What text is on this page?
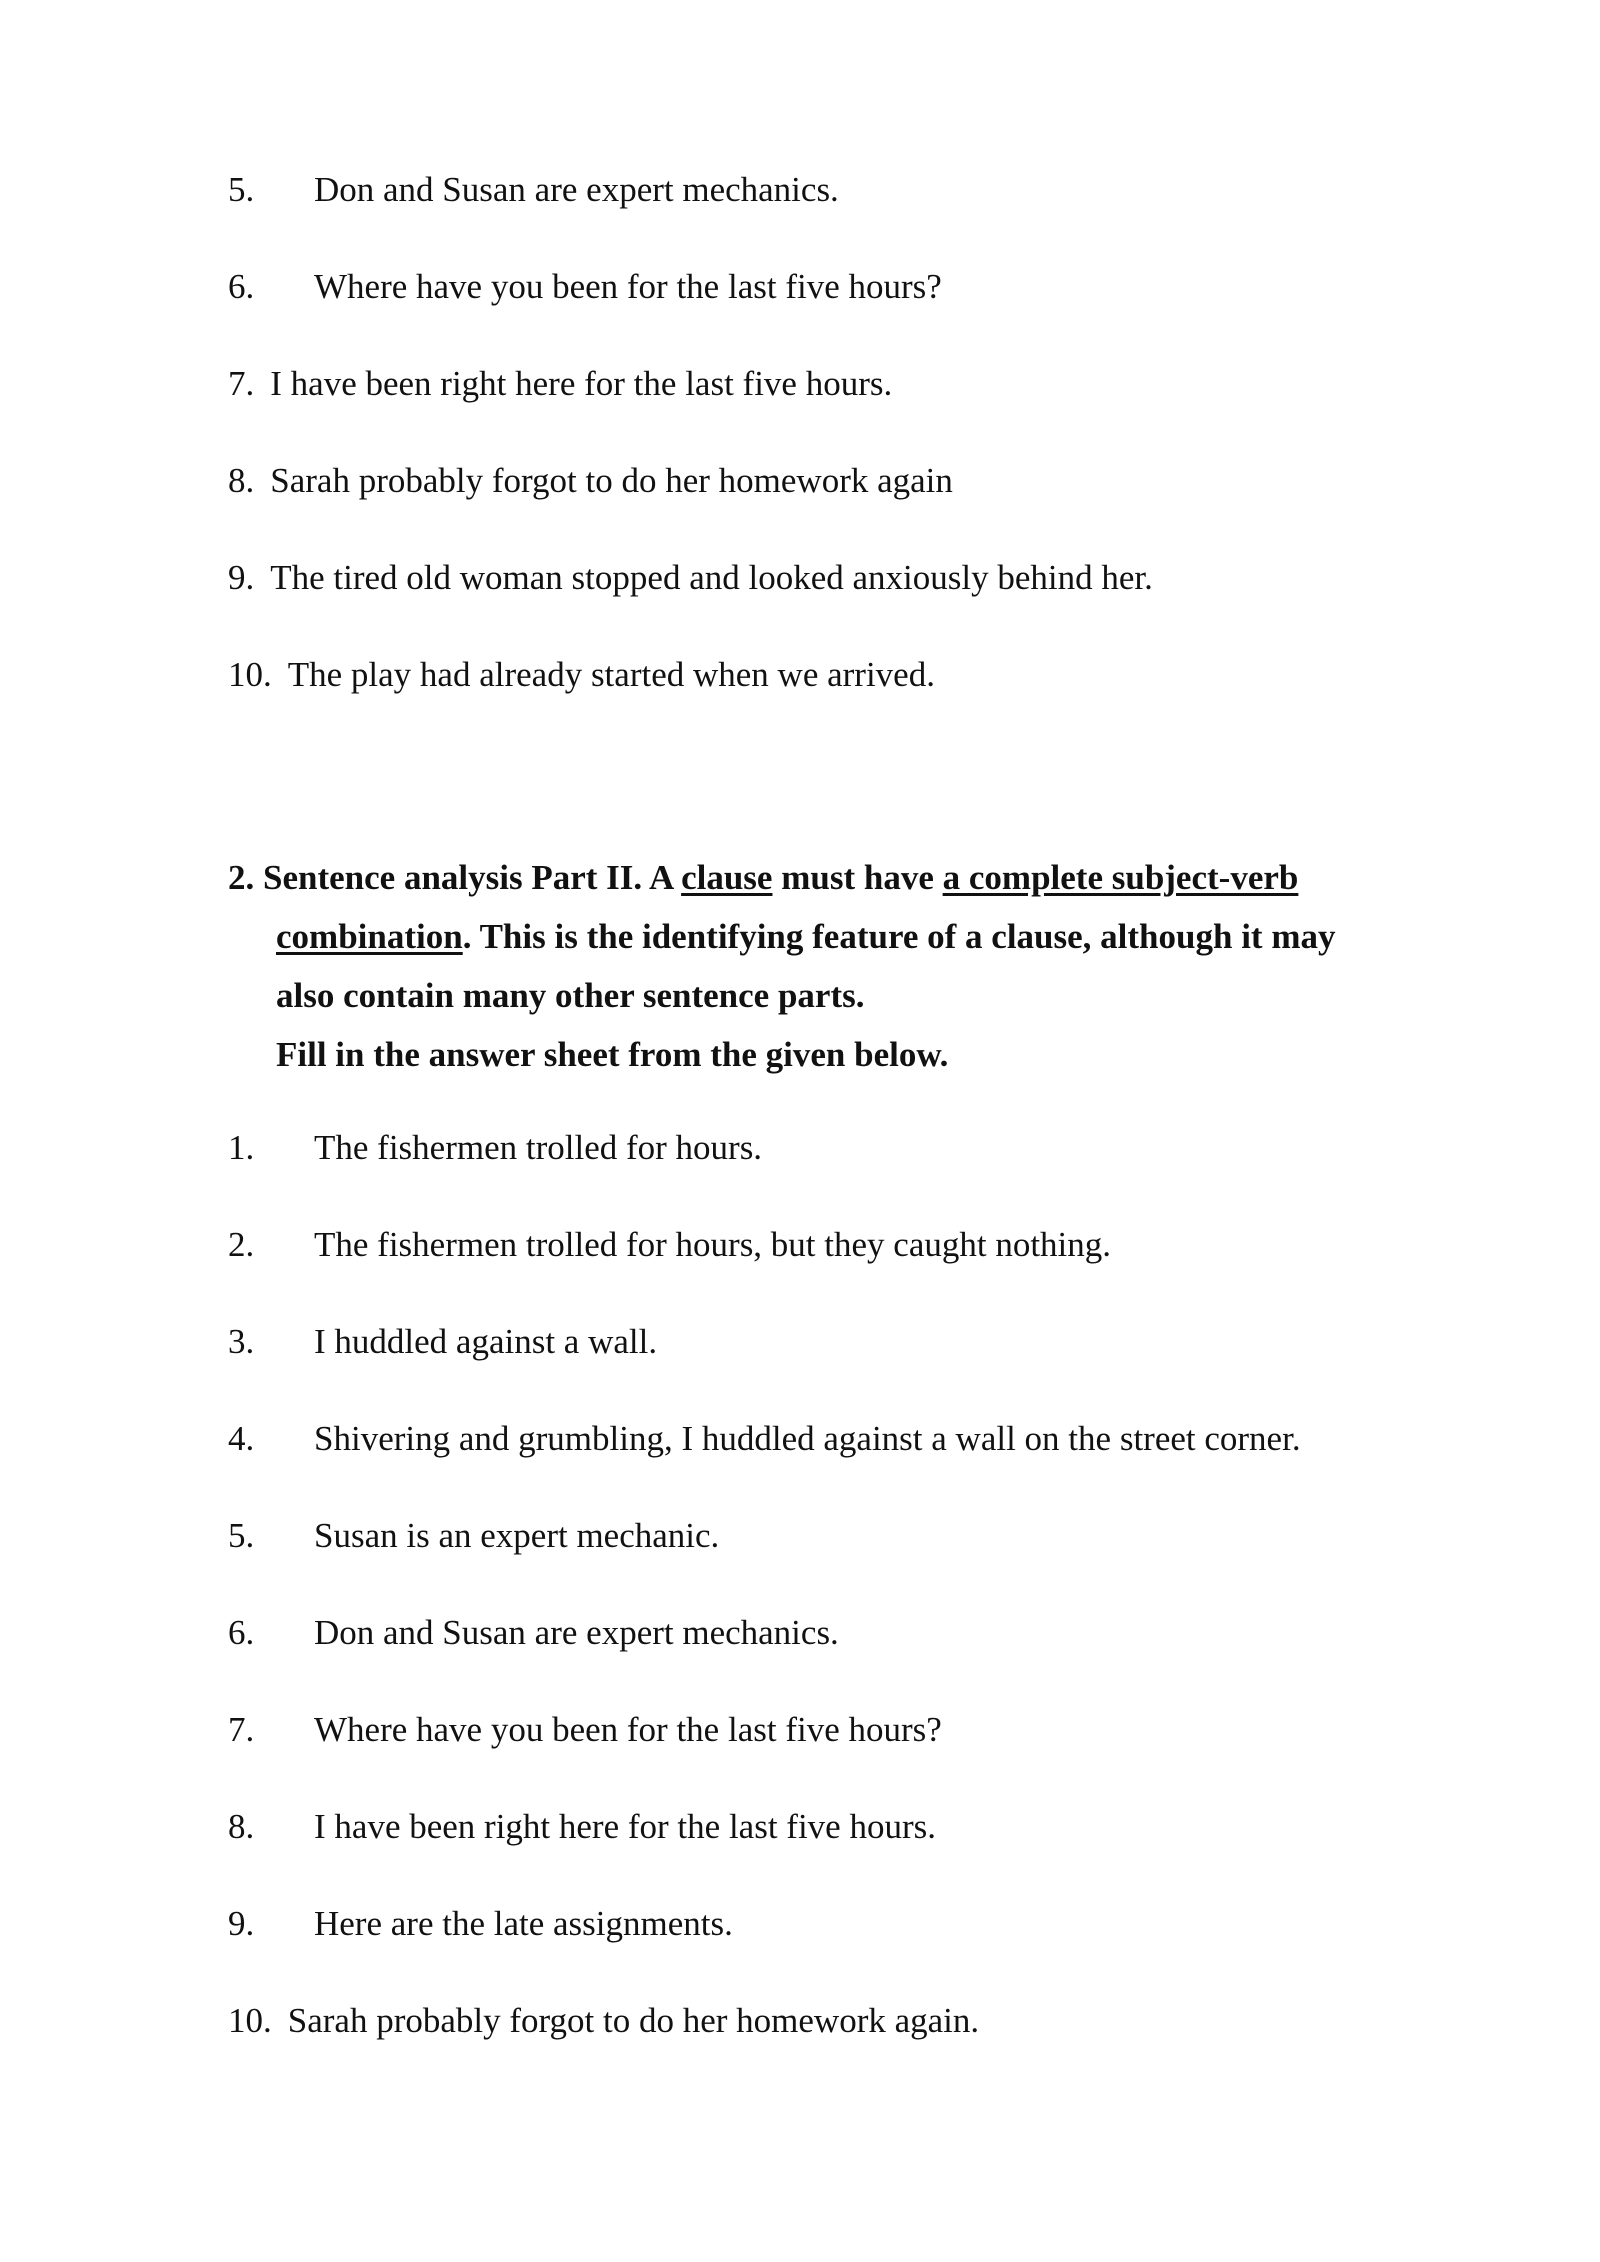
5. Don and Susan are expert mechanics.
6. Where have you been for the last five hours?
7. I have been right here for the last five hours.
8. Sarah probably forgot to do her homework again
9. The tired old woman stopped and looked anxiously behind her.
10. The play had already started when we arrived.
2. Sentence analysis Part II. A clause must have a complete subject-verb
combination. This is the identifying feature of a clause, although it may
also contain many other sentence parts.
Fill in the answer sheet from the given below.
1. The fishermen trolled for hours.
2. The fishermen trolled for hours, but they caught nothing.
3. I huddled against a wall.
4. Shivering and grumbling, I huddled against a wall on the street corner.
5. Susan is an expert mechanic.
6. Don and Susan are expert mechanics.
7. Where have you been for the last five hours?
8. I have been right here for the last five hours.
9. Here are the late assignments.
10. Sarah probably forgot to do her homework again.
